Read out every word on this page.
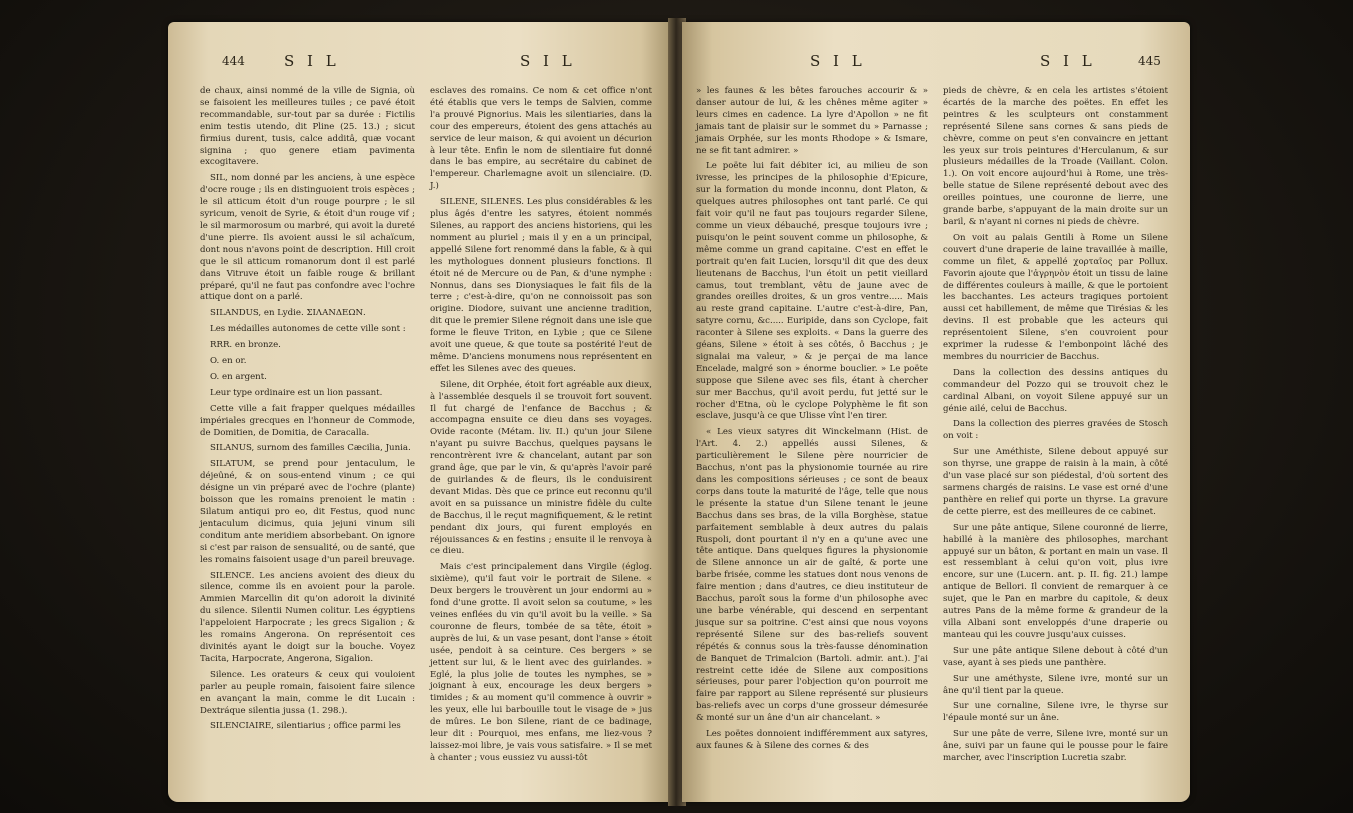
444	S I L	S I L	S I L	S I L	445

de chaux, ainsi nommé de la ville de Signia, où se faisoient les meilleures tuiles ; ce pavé étoit recommandable, sur-tout par sa durée : Fictilis enim testis utendo, dit Pline (25. 13.) ; sicut firmius durent, tusis, calce additâ, quæ vocant signina ; quo genere etiam pavimenta excogitavere.

SIL, nom donné par les anciens, à une espèce d'ocre rouge ; ils en distinguoient trois espèces ; le sil atticum étoit d'un rouge pourpre ; le sil syricum, venoit de Syrie, & étoit d'un rouge vif ; le sil marmorosum ou marbré, qui avoit la dureté d'une pierre. Ils avoient aussi le sil achaïcum, dont nous n'avons point de description. Hill croit que le sil atticum romanorum dont il est parlé dans Vitruve étoit un faible rouge & brillant préparé, qu'il ne faut pas confondre avec l'ochre attique dont on a parlé.

SILANDUS, en Lydie. ΣΙΛΑΝΔΕΩΝ.

Les médailles autonomes de cette ville sont :

RRR. en bronze.

O. en or.

O. en argent.

Leur type ordinaire est un lion passant.

Cette ville a fait frapper quelques médailles impériales grecques en l'honneur de Commode, de Domitien, de Domitia, de Caracalla.

SILANUS, surnom des familles Cæcilia, Junia.

SILATUM, se prend pour jentaculum, le déjeûné, & on sous-entend vinum ; ce qui désigne un vin préparé avec de l'ochre (plante) boisson que les romains prenoient le matin : Silatum antiqui pro eo, dit Festus, quod nunc jentaculum dicimus, quia jejuni vinum sili conditum ante meridiem absorbebant. On ignore si c'est par raison de sensualité, ou de santé, que les romains faisoient usage d'un pareil breuvage.

SILENCE. Les anciens avoient des dieux du silence, comme ils en avoient pour la parole. Ammien Marcellin dit qu'on adoroit la divinité du silence. Silentii Numen colitur. Les égyptiens l'appeloient Harpocrate ; les grecs Sigalion ; & les romains Angerona. On représentoit ces divinités ayant le doigt sur la bouche. Voyez Tacita, Harpocrate, Angerona, Sigalion.

Silence. Les orateurs & ceux qui vouloient parler au peuple romain, faisoient faire silence en avançant la main, comme le dit Lucain : Dextráque silentia jussa (1. 298.).

SILENCIAIRE, silentiarius ; office parmi les

esclaves des romains. Ce nom & cet office n'ont été établis que vers le temps de Salvien, comme l'a prouvé Pignorius. Mais les silentiaries, dans la cour des empereurs, étoient des gens attachés au service de leur maison, & qui avoient un décurion à leur tête. Enfin le nom de silentiaire fut donné dans le bas empire, au secrétaire du cabinet de l'empereur. Charlemagne avoit un silenciaire. (D. J.)

SILENE, SILENES. Les plus considérables & les plus âgés d'entre les satyres, étoient nommés Silenes, au rapport des anciens historiens, qui les nomment au pluriel ; mais il y en a un principal, appellé Silene fort renommé dans la fable, & à qui les mythologues donnent plusieurs fonctions. Il étoit né de Mercure ou de Pan, & d'une nymphe : Nonnus, dans ses Dionysiaques le fait fils de la terre ; c'est-à-dire, qu'on ne connoissoit pas son origine. Diodore, suivant une ancienne tradition, dit que le premier Silene régnoit dans une isle que forme le fleuve Triton, en Lybie ; que ce Silene avoit une queue, & que toute sa postérité l'eut de même. D'anciens monumens nous représentent en effet les Silenes avec des queues.

Silene, dit Orphée, étoit fort agréable aux dieux, à l'assemblée desquels il se trouvoit fort souvent. Il fut chargé de l'enfance de Bacchus ; & accompagna ensuite ce dieu dans ses voyages. Ovide raconte (Métam. liv. II.) qu'un jour Silene n'ayant pu suivre Bacchus, quelques paysans le rencontrèrent ivre & chancelant, autant par son grand âge, que par le vin, & qu'après l'avoir paré de guirlandes & de fleurs, ils le conduisirent devant Midas. Dès que ce prince eut reconnu qu'il avoit en sa puissance un ministre fidèle du culte de Bacchus, il le reçut magnifiquement, & le retint pendant dix jours, qui furent employés en réjouissances & en festins ; ensuite il le renvoya à ce dieu.

Mais c'est principalement dans Virgile (églog. sixième), qu'il faut voir le portrait de Silene. « Deux bergers le trouvèrent un jour endormi au » fond d'une grotte. Il avoit selon sa coutume, » les veines enflées du vin qu'il avoit bu la veille. » Sa couronne de fleurs, tombée de sa tête, étoit » auprès de lui, & un vase pesant, dont l'anse » étoit usée, pendoit à sa ceinture. Ces bergers » se jettent sur lui, & le lient avec des guirlandes. » Eglé, la plus jolie de toutes les nymphes, se » joignant à eux, encourage les deux bergers » timides ; & au moment qu'il commence à ouvrir » les yeux, elle lui barbouille tout le visage de » jus de mûres. Le bon Silene, riant de ce badinage, leur dit : Pourquoi, mes enfans, me liez-vous ? laissez-moi libre, je vais vous satisfaire. » Il se met à chanter ; vous eussiez vu aussi-tôt

» les faunes & les bêtes farouches accourir & » danser autour de lui, & les chênes même agiter » leurs cimes en cadence. La lyre d'Apollon » ne fit jamais tant de plaisir sur le sommet du » Parnasse ; jamais Orphée, sur les monts Rhodope » & Ismare, ne se fit tant admirer. »

Le poëte lui fait débiter ici, au milieu de son ivresse, les principes de la philosophie d'Epicure, sur la formation du monde inconnu, dont Platon, & quelques autres philosophes ont tant parlé. Ce qui fait voir qu'il ne faut pas toujours regarder Silene, comme un vieux débauché, presque toujours ivre ; puisqu'on le peint souvent comme un philosophe, & même comme un grand capitaine. C'est en effet le portrait qu'en fait Lucien, lorsqu'il dit que des deux lieutenans de Bacchus, l'un étoit un petit vieillard camus, tout tremblant, vêtu de jaune avec de grandes oreilles droites, & un gros ventre..... Mais au reste grand capitaine. L'autre c'est-à-dire, Pan, satyre cornu, &c..... Euripide, dans son Cyclope, fait raconter à Silene ses exploits. « Dans la guerre des géans, Silene » étoit à ses côtés, ô Bacchus ; je signalai ma valeur, » & je perçai de ma lance Encelade, malgré son » énorme bouclier. » Le poëte suppose que Silene avec ses fils, étant à chercher sur mer Bacchus, qu'il avoit perdu, fut jetté sur le rocher d'Etna, où le cyclope Polyphème le fit son esclave, jusqu'à ce que Ulisse vînt l'en tirer.

« Les vieux satyres dit Winckelmann (Hist. de l'Art. 4. 2.) appellés aussi Silenes, & particulièrement le Silene père nourricier de Bacchus, n'ont pas la physionomie tournée au rire dans les compositions sérieuses ; ce sont de beaux corps dans toute la maturité de l'âge, telle que nous le présente la statue d'un Silene tenant le jeune Bacchus dans ses bras, de la villa Borghèse, statue parfaitement semblable à deux autres du palais Ruspoli, dont pourtant il n'y en a qu'une avec une tête antique. Dans quelques figures la physionomie de Silene annonce un air de gaîté, & porte une barbe frisée, comme les statues dont nous venons de faire mention ; dans d'autres, ce dieu instituteur de Bacchus, paroît sous la forme d'un philosophe avec une barbe vénérable, qui descend en serpentant jusque sur sa poitrine. C'est ainsi que nous voyons représenté Silene sur des bas-reliefs souvent répétés & connus sous la très-fausse dénomination de Banquet de Trimalcion (Bartoli. admir. ant.). J'ai restreint cette idée de Silene aux compositions sérieuses, pour parer l'objection qu'on pourroit me faire par rapport au Silene représenté sur plusieurs bas-reliefs avec un corps d'une grosseur démesurée & monté sur un âne d'un air chancelant. »

Les poëtes donnoient indifféremment aux satyres, aux faunes & à Silene des cornes & des

pieds de chèvre, & en cela les artistes s'étoient écartés de la marche des poëtes. En effet les peintres & les sculpteurs ont constamment représenté Silene sans cornes & sans pieds de chèvre, comme on peut s'en convaincre en jettant les yeux sur trois peintures d'Herculanum, & sur plusieurs médailles de la Troade (Vaillant. Colon. 1.). On voit encore aujourd'hui à Rome, une très-belle statue de Silene représenté debout avec des oreilles pointues, une couronne de lierre, une grande barbe, s'appuyant de la main droite sur un baril, & n'ayant ni cornes ni pieds de chèvre.

On voit au palais Gentili à Rome un Silene couvert d'une draperie de laine travaillée à maille, comme un filet, & appellé χορταῖος par Pollux. Favorin ajoute que l'ἀγρηνὸν étoit un tissu de laine de différentes couleurs à maille, & que le portoient les bacchantes. Les acteurs tragiques portoient aussi cet habillement, de même que Tirésias & les devins. Il est probable que les acteurs qui représentoient Silene, s'en couvroient pour exprimer la rudesse & l'embonpoint lâché des membres du nourricier de Bacchus.

Dans la collection des dessins antiques du commandeur del Pozzo qui se trouvoit chez le cardinal Albani, on voyoit Silene appuyé sur un génie ailé, celui de Bacchus.

Dans la collection des pierres gravées de Stosch on voit :

Sur une Améthiste, Silene debout appuyé sur son thyrse, une grappe de raisin à la main, à côté d'un vase placé sur son piédestal, d'où sortent des sarmens chargés de raisins. Le vase est orné d'une panthère en relief qui porte un thyrse. La gravure de cette pierre, est des meilleures de ce cabinet.

Sur une pâte antique, Silene couronné de lierre, habillé à la manière des philosophes, marchant appuyé sur un bâton, & portant en main un vase. Il est ressemblant à celui qu'on voit, plus ivre encore, sur une (Lucern. ant. p. II. fig. 21.) lampe antique de Bellori. Il convient de remarquer à ce sujet, que le Pan en marbre du capitole, & deux autres Pans de la même forme & grandeur de la villa Albani sont enveloppés d'une draperie ou manteau qui les couvre jusqu'aux cuisses.

Sur une pâte antique Silene debout à côté d'un vase, ayant à ses pieds une panthère.

Sur une améthyste, Silene ivre, monté sur un âne qu'il tient par la queue.

Sur une cornaline, Silene ivre, le thyrse sur l'épaule monté sur un âne.

Sur une pâte de verre, Silene ivre, monté sur un âne, suivi par un faune qui le pousse pour le faire marcher, avec l'inscription Lucretia szabr.
